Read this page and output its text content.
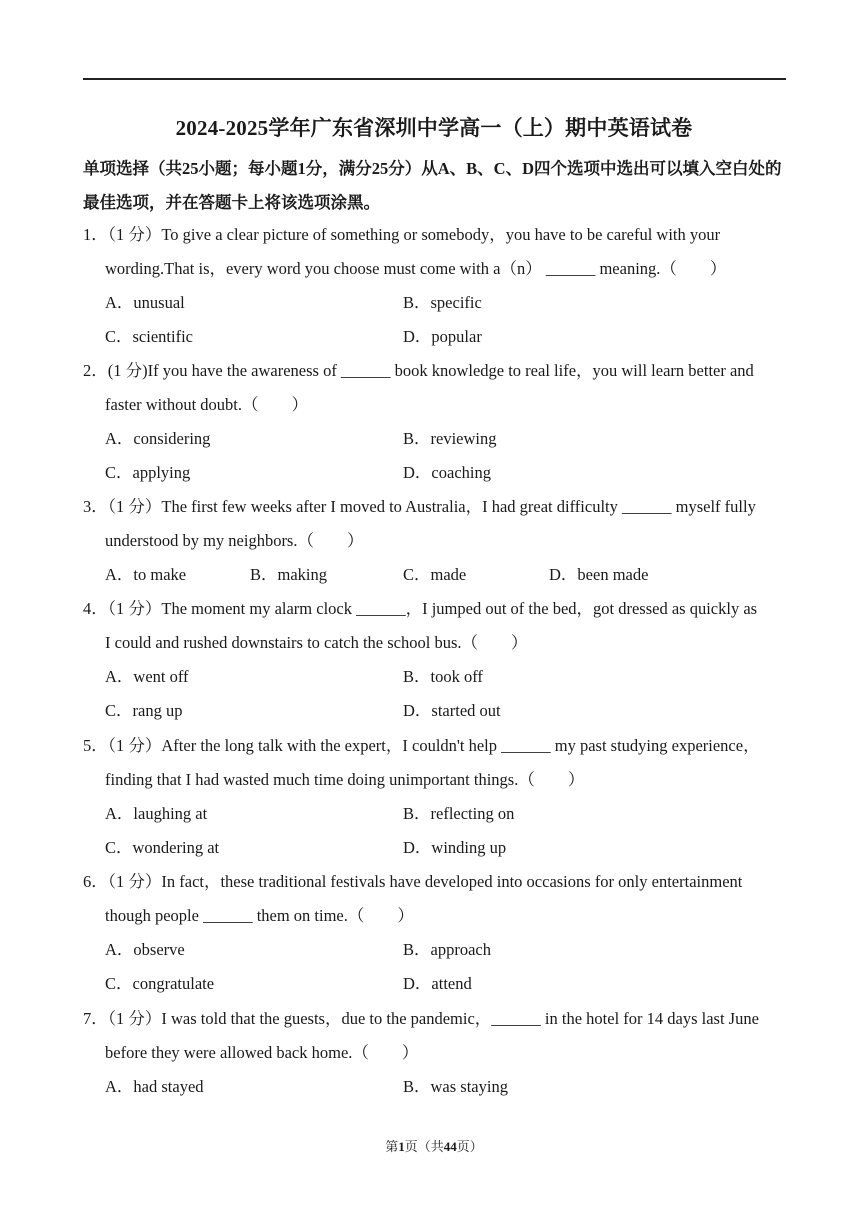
2024-2025学年广东省深圳中学高一（上）期中英语试卷
单项选择（共25小题；每小题1分，满分25分）从A、B、C、D四个选项中选出可以填入空白处的最佳选项，并在答题卡上将该选项涂黑。
1．（1 分）To give a clear picture of something or somebody，you have to be careful with your
wording.That is，every word you choose must come with a（n） ______ meaning.（　　）
A．unusual	B．specific
C．scientific	D．popular
2．(1 分)If you have the awareness of ______ book knowledge to real life，you will learn better and
faster without doubt.（　　）
A．considering	B．reviewing
C．applying	D．coaching
3．（1 分）The first few weeks after I moved to Australia，I had great difficulty ______ myself fully
understood by my neighbors.（　　）
A．to make	B．making	C．made	D．been made
4．（1 分）The moment my alarm clock ______，I jumped out of the bed，got dressed as quickly as
I could and rushed downstairs to catch the school bus.（　　）
A．went off	B．took off
C．rang up	D．started out
5．（1 分）After the long talk with the expert，I couldn't help ______ my past studying experience，
finding that I had wasted much time doing unimportant things.（　　）
A．laughing at	B．reflecting on
C．wondering at	D．winding up
6．（1 分）In fact，these traditional festivals have developed into occasions for only entertainment
though people ______ them on time.（　　）
A．observe	B．approach
C．congratulate	D．attend
7．（1 分）I was told that the guests，due to the pandemic，______ in the hotel for 14 days last June
before they were allowed back home.（　　）
A．had stayed	B．was staying
第1页（共44页）
